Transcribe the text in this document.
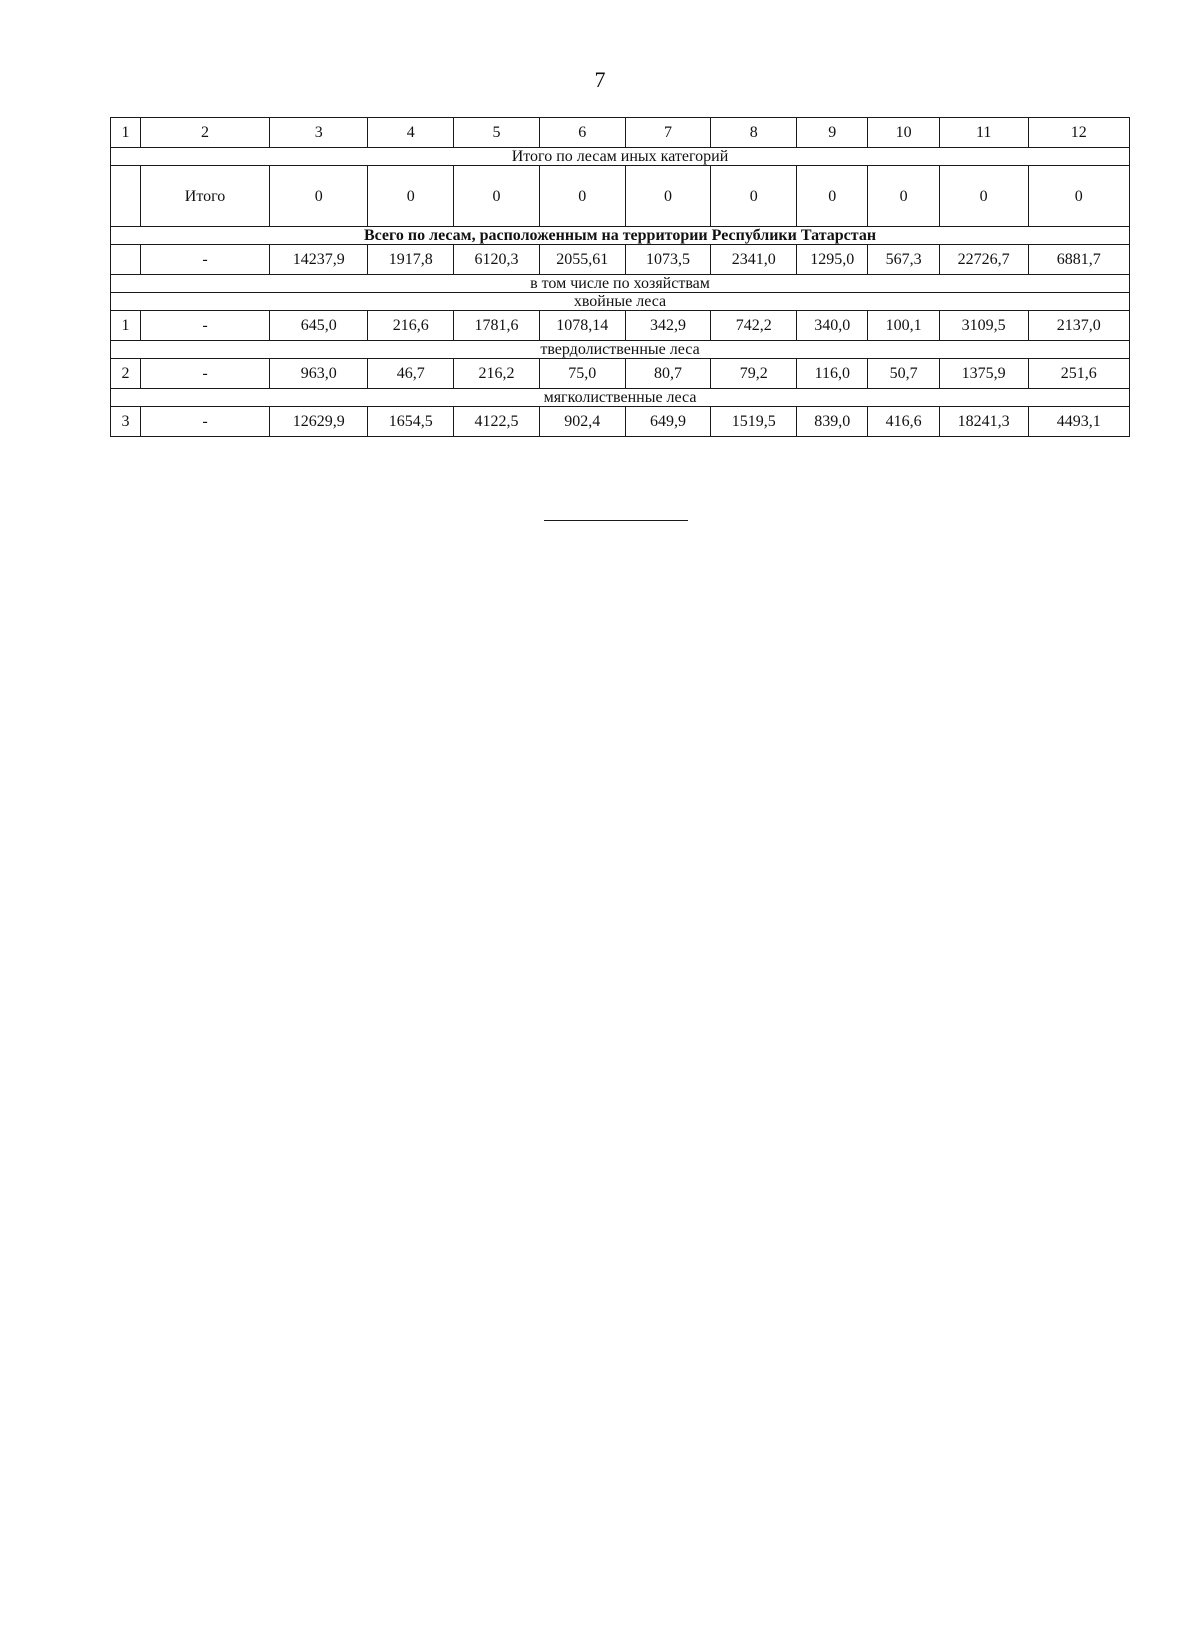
7
1	2	3	4	5	6	7	8	9	10	11	12
Итого по лесам иных категорий											
	Итого	0	0	0	0	0	0	0	0	0	0
Всего по лесам, расположенным на территории Республики Татарстан											
	-	14237,9	1917,8	6120,3	2055,61	1073,5	2341,0	1295,0	567,3	22726,7	6881,7
в том числе по хозяйствам											
хвойные леса											
1	-	645,0	216,6	1781,6	1078,14	342,9	742,2	340,0	100,1	3109,5	2137,0
твердолиственные леса											
2	-	963,0	46,7	216,2	75,0	80,7	79,2	116,0	50,7	1375,9	251,6
мягколиственные леса											
3	-	12629,9	1654,5	4122,5	902,4	649,9	1519,5	839,0	416,6	18241,3	4493,1
